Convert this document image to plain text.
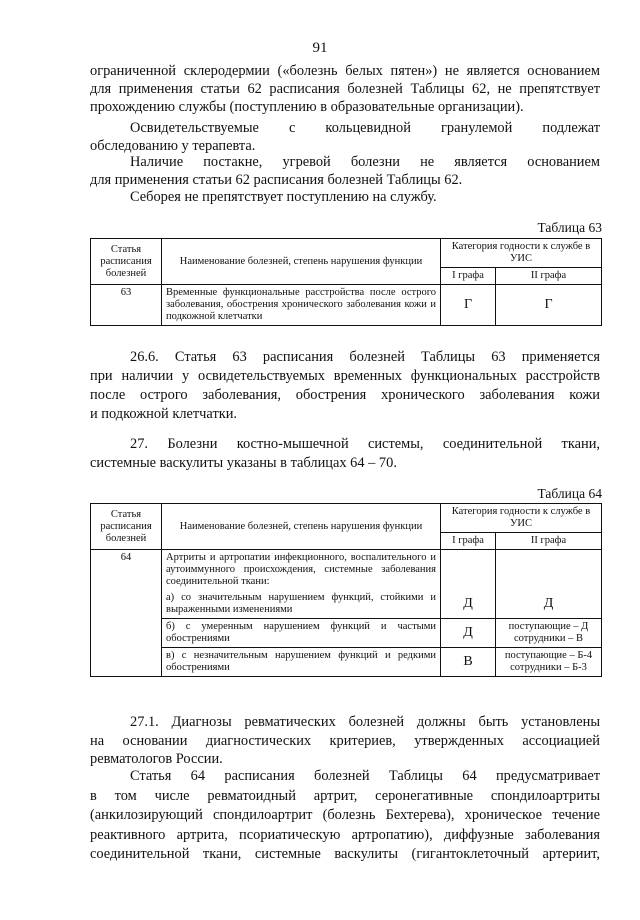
91
ограниченной склеродермии («болезнь белых пятен») не является основанием
для применения статьи 62 расписания болезней Таблицы 62, не препятствует
прохождению службы (поступлению в образовательные организации).
Освидетельствуемые с кольцевидной гранулемой подлежат
обследованию у терапевта.
Наличие постакне, угревой болезни не является основанием
для применения статьи 62 расписания болезней Таблицы 62.
Себорея не препятствует поступлению на службу.
Таблица 63
Статья расписания болезней	Наименование болезней, степень нарушения функции	Категория годности к службе в УИС	
		I графа	II графа
63	Временные функциональные расстройства после острого заболевания, обострения хронического заболевания кожи и подкожной клетчатки	Г	Г
26.6. Статья 63 расписания болезней Таблицы 63 применяется
при наличии у освидетельствуемых временных функциональных расстройств
после острого заболевания, обострения хронического заболевания кожи
и подкожной клетчатки.
27. Болезни костно-мышечной системы, соединительной ткани,
системные васкулиты указаны в таблицах 64 – 70.
Таблица 64
Статья расписания болезней	Наименование болезней, степень нарушения функции	Категория годности к службе в УИС	
		I графа	II графа
64	Артриты и артропатии инфекционного, воспалительного и аутоиммунного происхождения, системные заболевания соединительной ткани:		
	а) со значительным нарушением функций, стойкими и выраженными изменениями	Д	Д
	б) с умеренным нарушением функций и частыми обострениями	Д	поступающие – Д
сотрудники – В

	в) с незначительным нарушением функций и редкими обострениями	В	поступающие – Б-4
сотрудники – Б-3
27.1. Диагнозы ревматических болезней должны быть установлены
на основании диагностических критериев, утвержденных ассоциацией
ревматологов России.
Статья 64 расписания болезней Таблицы 64 предусматривает
в том числе ревматоидный артрит, серонегативные спондилоартриты
(анкилозирующий спондилоартрит (болезнь Бехтерева), хроническое течение
реактивного артрита, псориатическую артропатию), диффузные заболевания
соединительной ткани, системные васкулиты (гигантоклеточный артериит,
